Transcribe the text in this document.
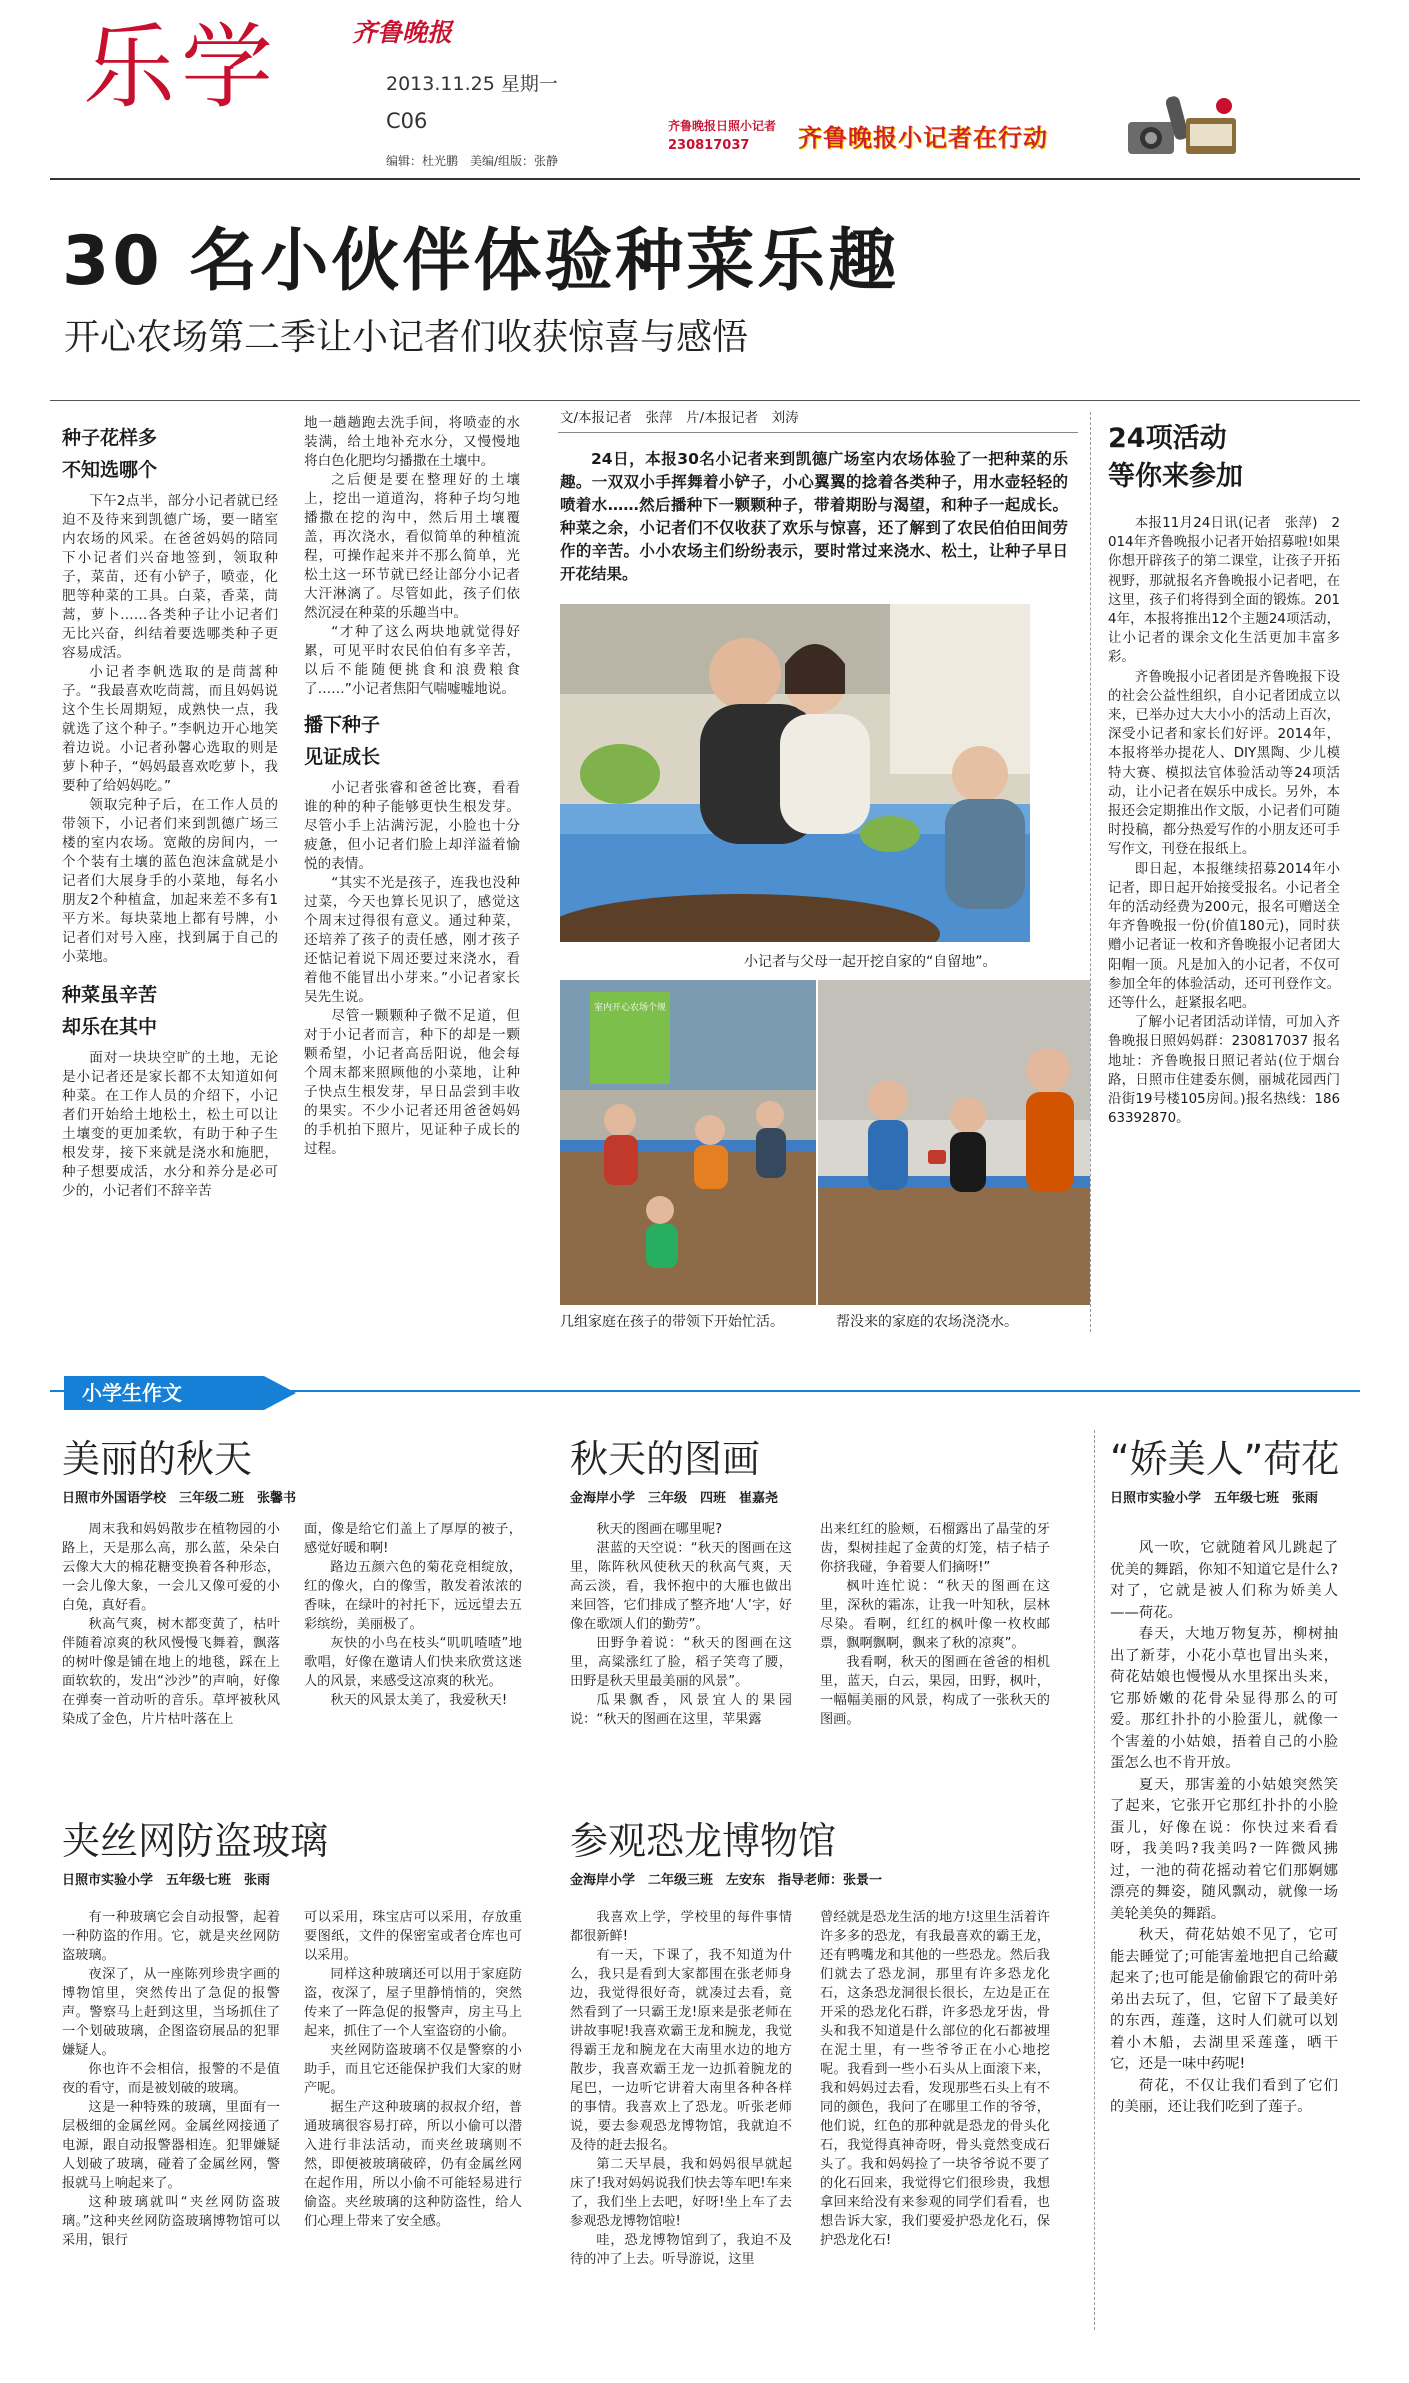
乐学	齐鲁晚报
2013.11.25 星期一
C06
编辑：杜光鹏　美编/组版：张静
齐鲁晚报日照小记者
230817037 齐鲁晚报小记者在行动
30 名小伙伴体验种菜乐趣
开心农场第二季让小记者们收获惊喜与感悟
种子花样多
不知选哪个

下午2点半，部分小记者就已经迫不及待来到凯德广场，要一睹室内农场的风采。在爸爸妈妈的陪同下小记者们兴奋地签到，领取种子，菜苗，还有小铲子，喷壶，化肥等种菜的工具。白菜，香菜，茼蒿，萝卜……各类种子让小记者们无比兴奋，纠结着要选哪类种子更容易成活。

小记者李帆选取的是茼蒿种子。“我最喜欢吃茼蒿，而且妈妈说这个生长周期短，成熟快一点，我就选了这个种子。”李帆边开心地笑着边说。小记者孙馨心选取的则是萝卜种子，“妈妈最喜欢吃萝卜，我要种了给妈妈吃。”

领取完种子后，在工作人员的带领下，小记者们来到凯德广场三楼的室内农场。宽敞的房间内，一个个装有土壤的蓝色泡沫盒就是小记者们大展身手的小菜地，每名小朋友2个种植盒，加起来差不多有1平方米。每块菜地上都有号牌，小记者们对号入座，找到属于自己的小菜地。

种菜虽辛苦
却乐在其中

面对一块块空旷的土地，无论是小记者还是家长都不太知道如何种菜。在工作人员的介绍下，小记者们开始给土地松土，松土可以让土壤变的更加柔软，有助于种子生根发芽，接下来就是浇水和施肥，种子想要成活，水分和养分是必可少的，小记者们不辞辛苦

地一趟趟跑去洗手间，将喷壶的水装满，给土地补充水分，又慢慢地将白色化肥均匀播撒在土壤中。

之后便是要在整理好的土壤上，挖出一道道沟，将种子均匀地播撒在挖的沟中，然后用土壤覆盖，再次浇水，看似简单的种植流程，可操作起来并不那么简单，光松土这一环节就已经让部分小记者大汗淋漓了。尽管如此，孩子们依然沉浸在种菜的乐趣当中。

“才种了这么两块地就觉得好累，可见平时农民伯伯有多辛苦，以后不能随便挑食和浪费粮食了……”小记者焦阳气喘嘘嘘地说。

播下种子
见证成长

小记者张睿和爸爸比赛，看看谁的种的种子能够更快生根发芽。尽管小手上沾满污泥，小脸也十分疲惫，但小记者们脸上却洋溢着愉悦的表情。

“其实不光是孩子，连我也没种过菜，今天也算长见识了，感觉这个周末过得很有意义。通过种菜，还培养了孩子的责任感，刚才孩子还惦记着说下周还要过来浇水，看着他不能冒出小芽来。”小记者家长吴先生说。

尽管一颗颗种子微不足道，但对于小记者而言，种下的却是一颗颗希望，小记者高岳阳说，他会每个周末都来照顾他的小菜地，让种子快点生根发芽，早日品尝到丰收的果实。不少小记者还用爸爸妈妈的手机拍下照片，见证种子成长的过程。

文/本报记者　张萍　片/本报记者　刘涛
24日，本报30名小记者来到凯德广场室内农场体验了一把种菜的乐趣。一双双小手挥舞着小铲子，小心翼翼的捻着各类种子，用水壶轻轻的喷着水……然后播种下一颗颗种子，带着期盼与渴望，和种子一起成长。种菜之余，小记者们不仅收获了欢乐与惊喜，还了解到了农民伯伯田间劳作的辛苦。小小农场主们纷纷表示，要时常过来浇水、松土，让种子早日开花结果。
小记者与父母一起开挖自家的“自留地”。
室内开心农场个规
几组家庭在孩子的带领下开始忙活。	帮没来的家庭的农场浇浇水。
24项活动
等你来参加

本报11月24日讯(记者　张萍)　2014年齐鲁晚报小记者开始招募啦!如果你想开辟孩子的第二课堂，让孩子开拓视野，那就报名齐鲁晚报小记者吧，在这里，孩子们将得到全面的锻炼。2014年，本报将推出12个主题24项活动，让小记者的课余文化生活更加丰富多彩。

齐鲁晚报小记者团是齐鲁晚报下设的社会公益性组织，自小记者团成立以来，已举办过大大小小的活动上百次，深受小记者和家长们好评。2014年，本报将举办提花人、DIY黑陶、少儿模特大赛、模拟法官体验活动等24项活动，让小记者在娱乐中成长。另外，本报还会定期推出作文版，小记者们可随时投稿，都分热爱写作的小朋友还可手写作文，刊登在报纸上。

即日起，本报继续招募2014年小记者，即日起开始接受报名。小记者全年的活动经费为200元，报名可赠送全年齐鲁晚报一份(价值180元)，同时获赠小记者证一枚和齐鲁晚报小记者团大阳帽一顶。凡是加入的小记者，不仅可参加全年的体验活动，还可刊登作文。还等什么，赶紧报名吧。

了解小记者团活动详情，可加入齐鲁晚报日照妈妈群：230817037 报名地址：齐鲁晚报日照记者站(位于烟台路，日照市住建委东侧，丽城花园西门沿街19号楼105房间。)报名热线：18663392870。

小学生作文
美丽的秋天
日照市外国语学校　三年级二班　张馨书

周末我和妈妈散步在植物园的小路上，天是那么高，那么蓝，朵朵白云像大大的棉花糖变换着各种形态，一会儿像大象，一会儿又像可爱的小白兔，真好看。

秋高气爽，树木都变黄了，枯叶伴随着凉爽的秋风慢慢飞舞着，飘落的树叶像是铺在地上的地毯，踩在上面软软的，发出“沙沙”的声响，好像在弹奏一首动听的音乐。草坪被秋风染成了金色，片片枯叶落在上

面，像是给它们盖上了厚厚的被子，感觉好暖和啊!

路边五颜六色的菊花竞相绽放，红的像火，白的像雪，散发着浓浓的香味，在绿叶的衬托下，远远望去五彩缤纷，美丽极了。

灰快的小鸟在枝头“叽叽喳喳”地歌唱，好像在邀请人们快来欣赏这迷人的风景，来感受这凉爽的秋光。

秋天的风景太美了，我爱秋天!

秋天的图画
金海岸小学　三年级　四班　崔嘉尧

秋天的图画在哪里呢?

湛蓝的天空说：“秋天的图画在这里，陈阵秋风使秋天的秋高气爽，天高云淡，看，我怀抱中的大雁也做出来回答，它们排成了整齐地‘人’字，好像在歌颂人们的勤劳”。

田野争着说：“秋天的图画在这里，高粱涨红了脸，稻子笑弯了腰，田野是秋天里最美丽的风景”。

瓜果飘香，风景宜人的果园说：“秋天的图画在这里，苹果露

出来红红的脸颊，石榴露出了晶莹的牙齿，梨树挂起了金黄的灯笼，桔子桔子你挤我碰，争着要人们摘呀!”

枫叶连忙说：“秋天的图画在这里，深秋的霜冻，让我一叶知秋，层林尽染。看啊，红红的枫叶像一枚枚邮票，飘啊飘啊，飘来了秋的凉爽”。

我看啊，秋天的图画在爸爸的相机里，蓝天，白云，果园，田野，枫叶，一幅幅美丽的风景，构成了一张秋天的图画。

“娇美人”荷花
日照市实验小学　五年级七班　张雨

风一吹，它就随着风儿跳起了优美的舞蹈，你知不知道它是什么?对了，它就是被人们称为娇美人——荷花。

春天，大地万物复苏，柳树抽出了新芽，小花小草也冒出头来，荷花姑娘也慢慢从水里探出头来，它那娇嫩的花骨朵显得那么的可爱。那红扑扑的小脸蛋儿，就像一个害羞的小姑娘，捂着自己的小脸蛋怎么也不肯开放。

夏天，那害羞的小姑娘突然笑了起来，它张开它那红扑扑的小脸蛋儿，好像在说：你快过来看看呀，我美吗?我美吗?一阵微风拂过，一池的荷花摇动着它们那婀娜漂亮的舞姿，随风飘动，就像一场美轮美奂的舞蹈。

秋天，荷花姑娘不见了，它可能去睡觉了;可能害羞地把自己给藏起来了;也可能是偷偷跟它的荷叶弟弟出去玩了，但，它留下了最美好的东西，莲蓬，这时人们就可以划着小木船，去湖里采莲蓬，晒干它，还是一味中药呢!

荷花，不仅让我们看到了它们的美丽，还让我们吃到了莲子。

夹丝网防盗玻璃
日照市实验小学　五年级七班　张雨

有一种玻璃它会自动报警，起着一种防盗的作用。它，就是夹丝网防盗玻璃。

夜深了，从一座陈列珍贵字画的博物馆里，突然传出了急促的报警声。警察马上赶到这里，当场抓住了一个划破玻璃，企图盗窃展品的犯罪嫌疑人。

你也许不会相信，报警的不是值夜的看守，而是被划破的玻璃。

这是一种特殊的玻璃，里面有一层极细的金属丝网。金属丝网接通了电源，跟自动报警器相连。犯罪嫌疑人划破了玻璃，碰着了金属丝网，警报就马上响起来了。

这种玻璃就叫“夹丝网防盗玻璃。”这种夹丝网防盗玻璃博物馆可以采用，银行

可以采用，珠宝店可以采用，存放重要图纸，文件的保密室或者仓库也可以采用。

同样这种玻璃还可以用于家庭防盗，夜深了，屋子里静悄悄的，突然传来了一阵急促的报警声，房主马上起来，抓住了一个人室盗窃的小偷。

夹丝网防盗玻璃不仅是警察的小助手，而且它还能保护我们大家的财产呢。

据生产这种玻璃的叔叔介绍，普通玻璃很容易打碎，所以小偷可以潜入进行非法活动，而夹丝玻璃则不然，即便被玻璃破碎，仍有金属丝网在起作用，所以小偷不可能轻易进行偷盗。夹丝玻璃的这种防盗性，给人们心理上带来了安全感。

参观恐龙博物馆
金海岸小学　二年级三班　左安东　指导老师：张景一

我喜欢上学，学校里的每件事情都很新鲜!

有一天，下课了，我不知道为什么，我只是看到大家都围在张老师身边，我觉得很好奇，就凑过去看，竟然看到了一只霸王龙!原来是张老师在讲故事呢!我喜欢霸王龙和腕龙，我觉得霸王龙和腕龙在大南里水边的地方散步，我喜欢霸王龙一边抓着腕龙的尾巴，一边听它讲着大南里各种各样的事情。我喜欢上了恐龙。听张老师说，要去参观恐龙博物馆，我就迫不及待的赶去报名。

第二天早晨，我和妈妈很早就起床了!我对妈妈说我们快去等车吧!车来了，我们坐上去吧，好呀!坐上车了去参观恐龙博物馆啦!

哇，恐龙博物馆到了，我迫不及待的冲了上去。听导游说，这里

曾经就是恐龙生活的地方!这里生活着许许多多的恐龙，有我最喜欢的霸王龙，还有鸭嘴龙和其他的一些恐龙。然后我们就去了恐龙洞，那里有许多恐龙化石，这条恐龙洞很长很长，左边是正在开采的恐龙化石群，许多恐龙牙齿，骨头和我不知道是什么部位的化石都被埋在泥土里，有一些爷爷正在小心地挖呢。我看到一些小石头从上面滚下来，我和妈妈过去看，发现那些石头上有不同的颜色，我问了在哪里工作的爷爷，他们说，红色的那种就是恐龙的骨头化石，我觉得真神奇呀，骨头竟然变成石头了。我和妈妈捡了一块爷爷说不要了的化石回来，我觉得它们很珍贵，我想拿回来给没有来参观的同学们看看，也想告诉大家，我们要爱护恐龙化石，保护恐龙化石!
